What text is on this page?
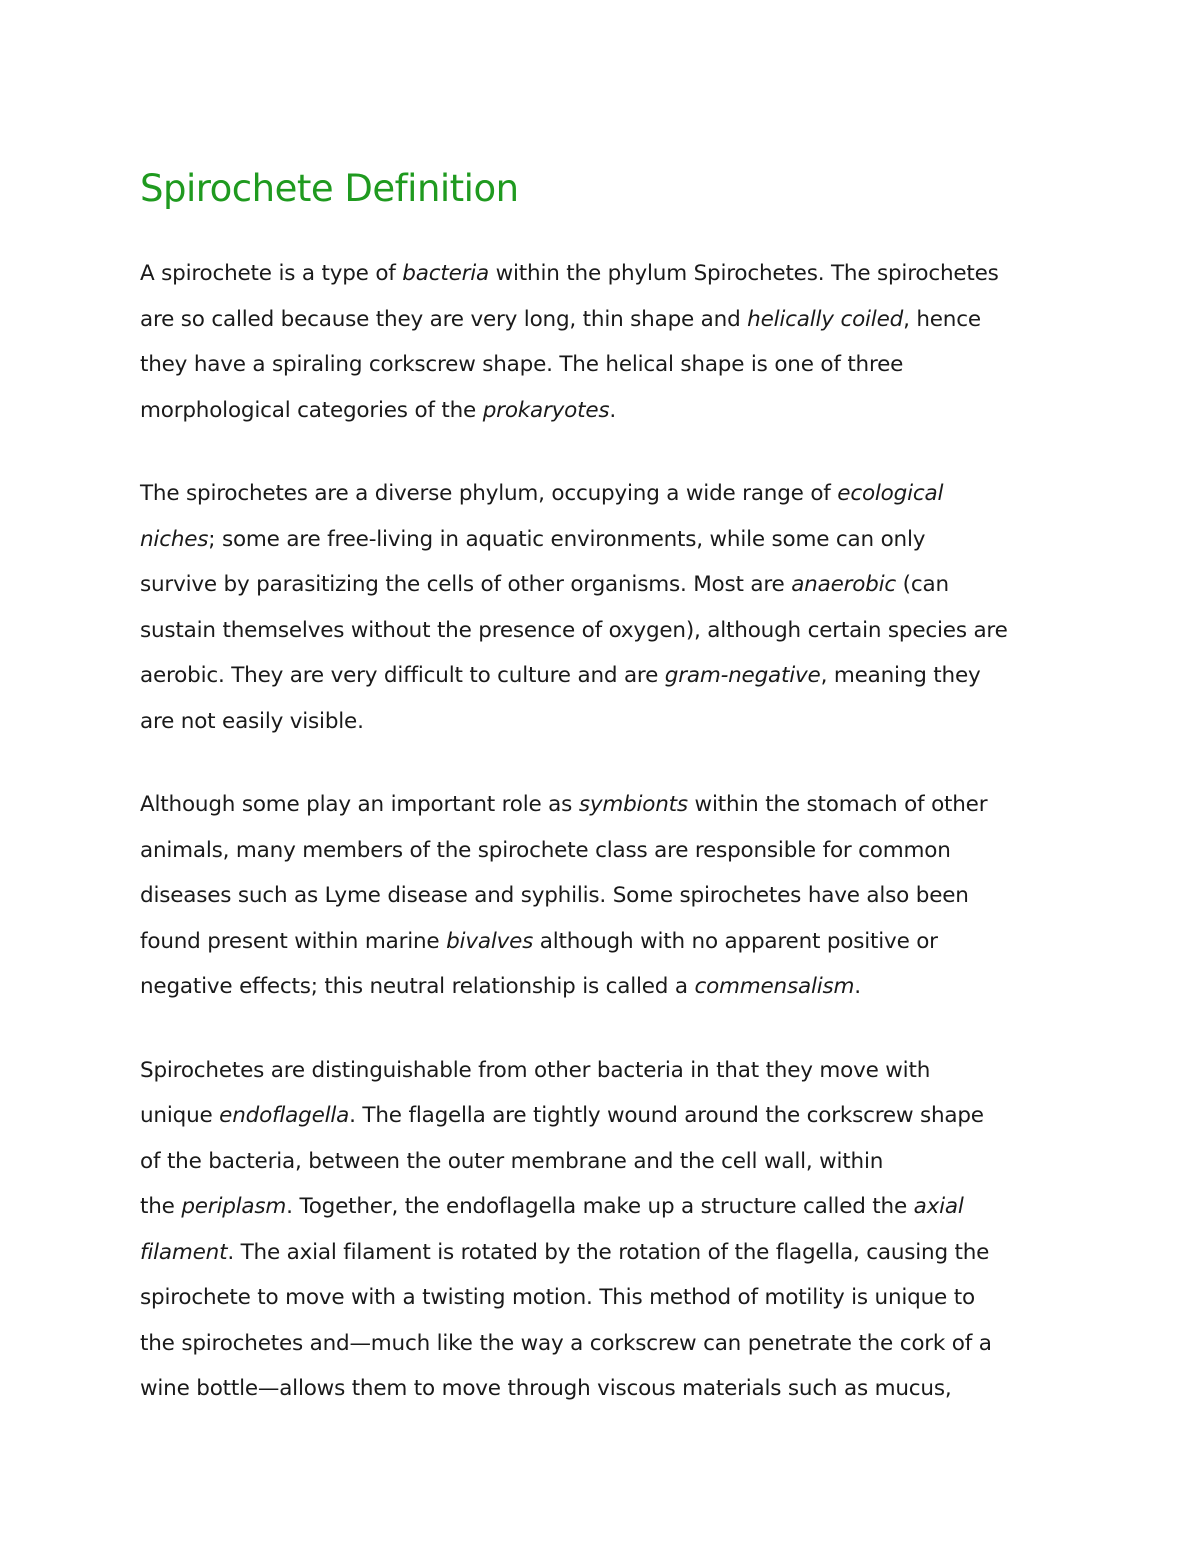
Spirochete Definition

A spirochete is a type of bacteria within the phylum Spirochetes. The spirochetes
are so called because they are very long, thin shape and helically coiled, hence
they have a spiraling corkscrew shape. The helical shape is one of three
morphological categories of the prokaryotes.

The spirochetes are a diverse phylum, occupying a wide range of ecological
niches; some are free-living in aquatic environments, while some can only
survive by parasitizing the cells of other organisms. Most are anaerobic (can
sustain themselves without the presence of oxygen), although certain species are
aerobic. They are very difficult to culture and are gram-negative, meaning they
are not easily visible.

Although some play an important role as symbionts within the stomach of other
animals, many members of the spirochete class are responsible for common
diseases such as Lyme disease and syphilis. Some spirochetes have also been
found present within marine bivalves although with no apparent positive or
negative effects; this neutral relationship is called a commensalism.

Spirochetes are distinguishable from other bacteria in that they move with
unique endoflagella. The flagella are tightly wound around the corkscrew shape
of the bacteria, between the outer membrane and the cell wall, within
the periplasm. Together, the endoflagella make up a structure called the axial
filament. The axial filament is rotated by the rotation of the flagella, causing the
spirochete to move with a twisting motion. This method of motility is unique to
the spirochetes and—much like the way a corkscrew can penetrate the cork of a
wine bottle—allows them to move through viscous materials such as mucus,
